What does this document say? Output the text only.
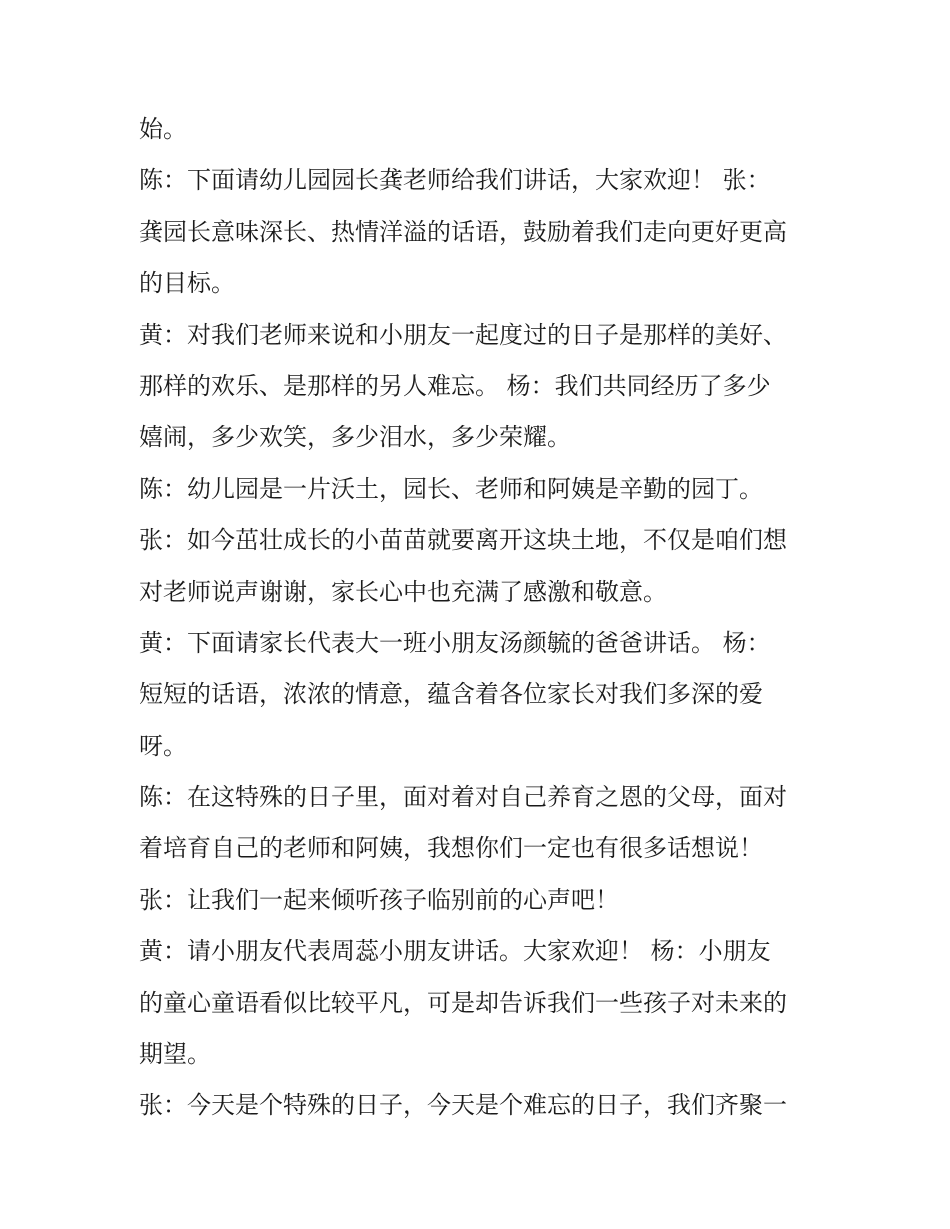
始。
陈：下面请幼儿园园长龚老师给我们讲话，大家欢迎！ 张：
龚园长意味深长、热情洋溢的话语，鼓励着我们走向更好更高
的目标。
黄：对我们老师来说和小朋友一起度过的日子是那样的美好、
那样的欢乐、是那样的另人难忘。 杨：我们共同经历了多少
嬉闹，多少欢笑，多少泪水，多少荣耀。
陈：幼儿园是一片沃土，园长、老师和阿姨是辛勤的园丁。
张：如今茁壮成长的小苗苗就要离开这块土地，不仅是咱们想
对老师说声谢谢，家长心中也充满了感激和敬意。
黄：下面请家长代表大一班小朋友汤颜毓的爸爸讲话。 杨：
短短的话语，浓浓的情意，蕴含着各位家长对我们多深的爱
呀。
陈：在这特殊的日子里，面对着对自己养育之恩的父母，面对
着培育自己的老师和阿姨，我想你们一定也有很多话想说！
张：让我们一起来倾听孩子临别前的心声吧！
黄：请小朋友代表周蕊小朋友讲话。大家欢迎！ 杨：小朋友
的童心童语看似比较平凡，可是却告诉我们一些孩子对未来的
期望。
张：今天是个特殊的日子，今天是个难忘的日子，我们齐聚一
